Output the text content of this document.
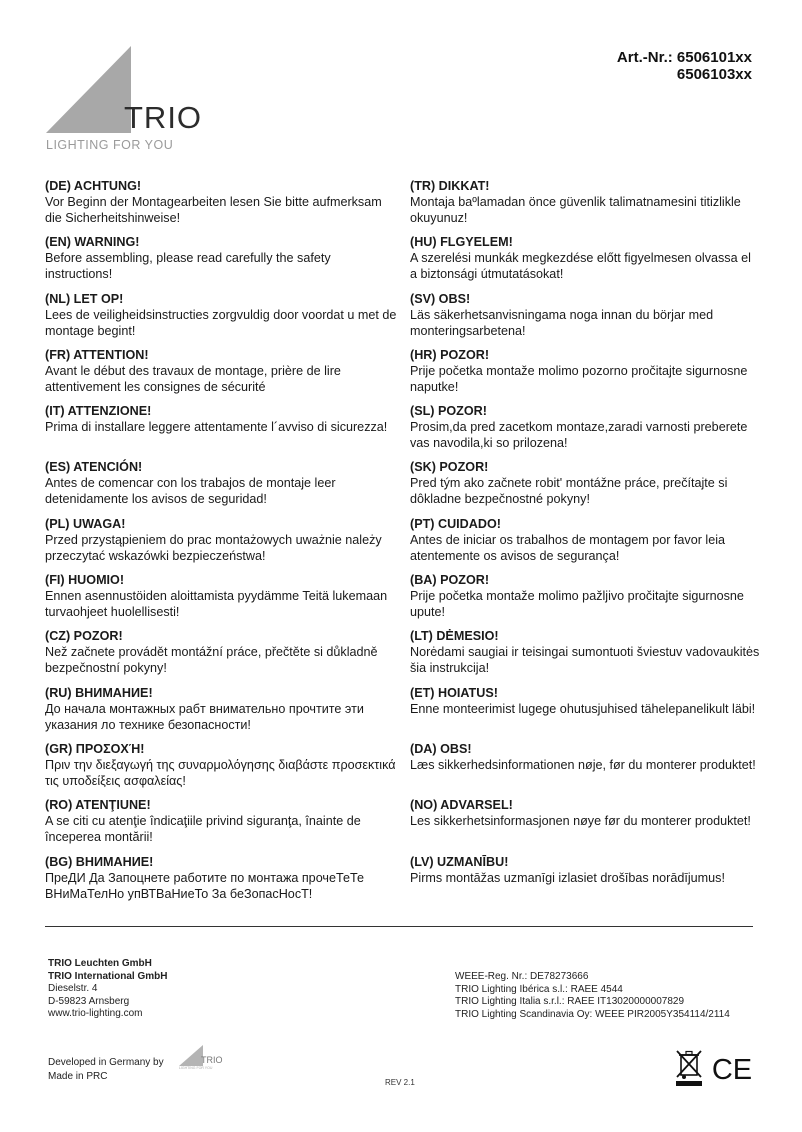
TRIO
LIGHTING FOR YOU
Art.-Nr.: 6506101xx
6506103xx
(DE) ACHTUNG!
Vor Beginn der Montagearbeiten lesen Sie bitte aufmerksam die Sicherheitshinweise!
(EN) WARNING!
Before assembling, please read carefully the safety instructions!
(NL) LET OP!
Lees de veiligheidsinstructies zorgvuldig door voordat u met de montage begint!
(FR) ATTENTION!
Avant le début des travaux de montage, prière de lire attentivement les consignes de sécurité
(IT) ATTENZIONE!
Prima di installare leggere attentamente l´avviso di sicurezza!
(ES) ATENCIÓN!
Antes de comencar con los trabajos de montaje leer detenidamente los avisos de seguridad!
(PL) UWAGA!
Przed przystąpieniem do prac montażowych uważnie należy przeczytać wskazówki bezpieczeństwa!
(FI) HUOMIO!
Ennen asennustöiden aloittamista pyydämme Teitä lukemaan turvaohjeet huolellisesti!
(CZ) POZOR!
Než začnete provádět montážní práce, přečtěte si důkladně bezpečnostní pokyny!
(RU) ВНИМАНИЕ!
До начала монтажных рабт внимательно прочтите эти указания ло технике безопасности!
(GR) ΠΡΟΣΟΧΉ!
Πριν την διεξαγωγή της συναρμολόγησης διαβάστε προσεκτικά τις υποδείξεις ασφαλείας!
(RO) ATENŢIUNE!
A se citi cu atenţie îndicaţiile privind siguranţa, înainte de începerea montării!
(BG) ВНИМАНИЕ!
ПреДИ Да Запоцнете работите по монтажа прочеТеТе ВНиМаТелНо упВТВаНиеТо За беЗопасНосТ!
(TR) DIKKAT!
Montaja baºlamadan önce güvenlik talimatnamesini titizlikle okuyunuz!
(HU) FLGYELEM!
A szerelési munkák megkezdése előtt figyelmesen olvassa el a biztonsági útmutatásokat!
(SV) OBS!
Läs säkerhetsanvisningama noga innan du börjar med monteringsarbetena!
(HR) POZOR!
Prije početka montaže molimo pozorno pročitajte sigurnosne naputke!
(SL) POZOR!
Prosim,da pred zacetkom montaze,zaradi varnosti preberete vas navodila,ki so prilozena!
(SK) POZOR!
Pred tým ako začnete robit' montážne práce, prečítajte si dôkladne bezpečnostné pokyny!
(PT) CUIDADO!
Antes de iniciar os trabalhos de montagem por favor leia atentemente os avisos de segurança!
(BA) POZOR!
Prije početka montaže molimo pažljivo pročitajte sigurnosne upute!
(LT) DĖMESIO!
Norėdami saugiai ir teisingai sumontuoti šviestuv vadovaukitės šia instrukcija!
(ET) HOIATUS!
Enne monteerimist lugege ohutusjuhised tähelepanelikult läbi!
(DA) OBS!
Læs sikkerhedsinformationen nøje, før du monterer produktet!
(NO) ADVARSEL!
Les sikkerhetsinformasjonen nøye før du monterer produktet!
(LV) UZMANĪBU!
Pirms montāžas uzmanīgi izlasiet drošības norādījumus!
TRIO Leuchten GmbH
TRIO International GmbH
Dieselstr. 4
D-59823 Arnsberg
www.trio-lighting.com
WEEE-Reg. Nr.: DE78273666
TRIO Lighting Ibérica s.l.: RAEE 4544
TRIO Lighting Italia s.r.l.: RAEE IT13020000007829
TRIO Lighting Scandinavia Oy: WEEE PIR2005Y354114/2114
Developed in Germany by
Made in PRC
TRIO
LIGHTING FOR YOU
REV 2.1	CE
